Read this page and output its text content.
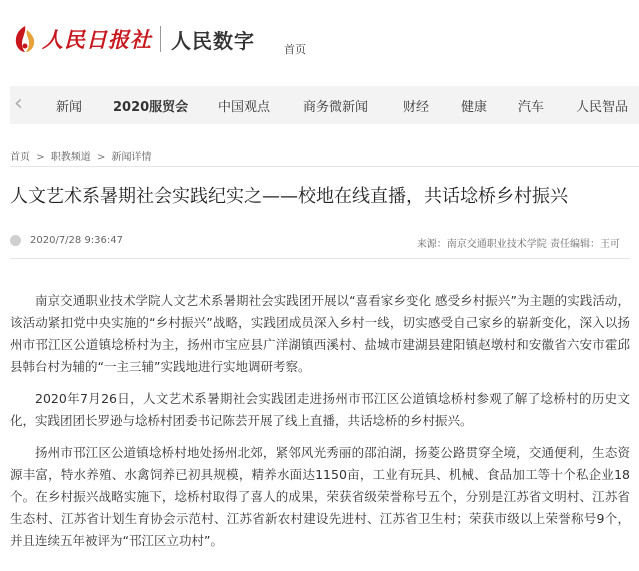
人民日报社 人民数字	首页
‹	新闻 2020服贸会 中国观点	商务微新闻	财经 健康 汽车 人民智品
首页 > 职教频道 > 新闻详情
人文艺术系暑期社会实践纪实之——校地在线直播，共话埝桥乡村振兴
2020/7/28 9:36:47	来源：南京交通职业技术学院 责任编辑：王可

南京交通职业技术学院人文艺术系暑期社会实践团开展以“喜看家乡变化 感受乡村振兴”为主题的实践活动，该活动紧扣党中央实施的“乡村振兴”战略，实践团成员深入乡村一线，切实感受自己家乡的崭新变化，深入以扬州市邗江区公道镇埝桥村为主，扬州市宝应县广洋湖镇西溪村、盐城市建湖县建阳镇赵墩村和安徽省六安市霍邱县韩台村为辅的“一主三辅”实践地进行实地调研考察。

2020年7月26日，人文艺术系暑期社会实践团走进扬州市邗江区公道镇埝桥村参观了解了埝桥村的历史文化，实践团团长罗逊与埝桥村团委书记陈芸开展了线上直播，共话埝桥的乡村振兴。

扬州市邗江区公道镇埝桥村地处扬州北郊，紧邻风光秀丽的邵泊湖，扬菱公路贯穿全境，交通便利，生态资源丰富，特水养殖、水禽饲养已初具规模，精养水面达1150亩，工业有玩具、机械、食品加工等十个私企业18个。在乡村振兴战略实施下，埝桥村取得了喜人的成果，荣获省级荣誉称号五个，分别是江苏省文明村、江苏省生态村、江苏省计划生育协会示范村、江苏省新农村建设先进村、江苏省卫生村；荣获市级以上荣誉称号9个，并且连续五年被评为“邗江区立功村”。
